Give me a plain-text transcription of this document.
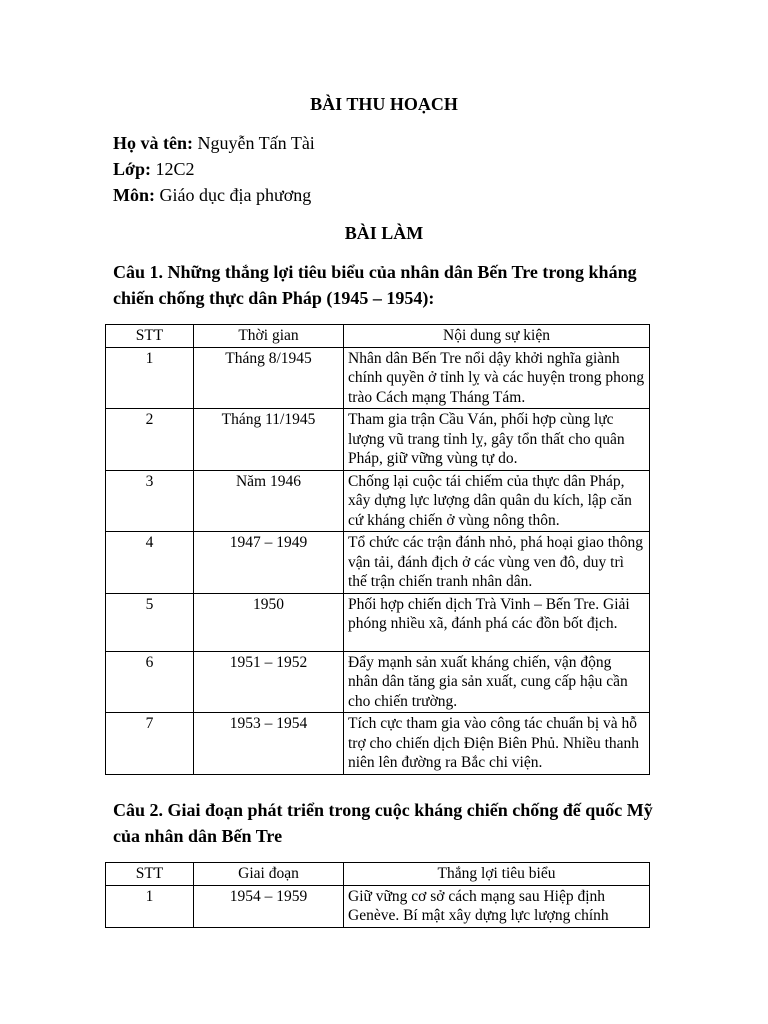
BÀI THU HOẠCH
Họ và tên: Nguyễn Tấn Tài
Lớp: 12C2
Môn: Giáo dục địa phương
BÀI LÀM
Câu 1. Những thắng lợi tiêu biểu của nhân dân Bến Tre trong kháng chiến chống thực dân Pháp (1945 – 1954):
STT	Thời gian	Nội dung sự kiện
1	Tháng 8/1945	Nhân dân Bến Tre nổi dậy khởi nghĩa giành chính quyền ở tỉnh lỵ và các huyện trong phong trào Cách mạng Tháng Tám.
2	Tháng 11/1945	Tham gia trận Cầu Ván, phối hợp cùng lực lượng vũ trang tỉnh lỵ, gây tổn thất cho quân Pháp, giữ vững vùng tự do.
3	Năm 1946	Chống lại cuộc tái chiếm của thực dân Pháp, xây dựng lực lượng dân quân du kích, lập căn cứ kháng chiến ở vùng nông thôn.
4	1947 – 1949	Tổ chức các trận đánh nhỏ, phá hoại giao thông vận tải, đánh địch ở các vùng ven đô, duy trì thế trận chiến tranh nhân dân.
5	1950	Phối hợp chiến dịch Trà Vinh – Bến Tre. Giải phóng nhiều xã, đánh phá các đồn bốt địch.
6	1951 – 1952	Đẩy mạnh sản xuất kháng chiến, vận động nhân dân tăng gia sản xuất, cung cấp hậu cần cho chiến trường.
7	1953 – 1954	Tích cực tham gia vào công tác chuẩn bị và hỗ trợ cho chiến dịch Điện Biên Phủ. Nhiều thanh niên lên đường ra Bắc chi viện.
Câu 2. Giai đoạn phát triển trong cuộc kháng chiến chống đế quốc Mỹ của nhân dân Bến Tre
STT	Giai đoạn	Thắng lợi tiêu biểu
1	1954 – 1959	Giữ vững cơ sở cách mạng sau Hiệp định Genève. Bí mật xây dựng lực lượng chính
